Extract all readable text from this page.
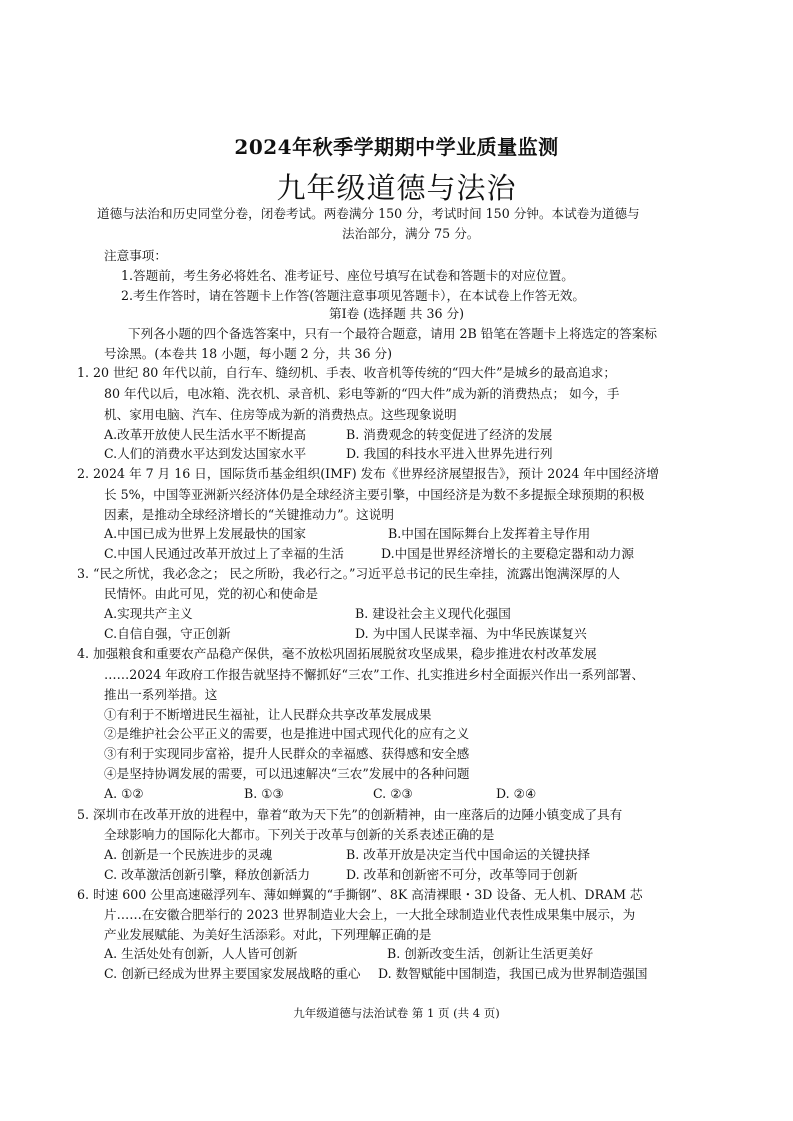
2024年秋季学期期中学业质量监测
九年级道德与法治
道德与法治和历史同堂分卷，闭卷考试。两卷满分 150 分，考试时间 150 分钟。本试卷为道德与
法治部分，满分 75 分。
注意事项：
1.答题前，考生务必将姓名、准考证号、座位号填写在试卷和答题卡的对应位置。
2.考生作答时，请在答题卡上作答(答题注意事项见答题卡），在本试卷上作答无效。
第Ⅰ卷 (选择题 共 36 分)
下列各小题的四个备选答案中，只有一个最符合题意，请用 2B 铅笔在答题卡上将选定的答案标
号涂黑。(本卷共 18 小题，每小题 2 分，共 36 分)
1. 20 世纪 80 年代以前，自行车、缝纫机、手表、收音机等传统的“四大件”是城乡的最高追求；
80 年代以后，电冰箱、洗衣机、录音机、彩电等新的“四大件”成为新的消费热点； 如今，手
机、家用电脑、汽车、住房等成为新的消费热点。这些现象说明
A.改革开放使人民生活水平不断提高	B. 消费观念的转变促进了经济的发展
C.人们的消费水平达到发达国家水平	D. 我国的科技水平进入世界先进行列
2. 2024 年 7 月 16 日，国际货币基金组织(IMF) 发布《世界经济展望报告》，预计 2024 年中国经济增
长 5%，中国等亚洲新兴经济体仍是全球经济主要引擎，中国经济是为数不多提振全球预期的积极
因素，是推动全球经济增长的“关键推动力”。这说明
A.中国已成为世界上发展最快的国家	B.中国在国际舞台上发挥着主导作用
C.中国人民通过改革开放过上了幸福的生活	D.中国是世界经济增长的主要稳定器和动力源
3. “民之所忧，我必念之； 民之所盼，我必行之。”习近平总书记的民生牵挂，流露出饱满深厚的人
民情怀。由此可见，党的初心和使命是
A.实现共产主义	B. 建设社会主义现代化强国
C.自信自强，守正创新	D. 为中国人民谋幸福、为中华民族谋复兴
4. 加强粮食和重要农产品稳产保供，毫不放松巩固拓展脱贫攻坚成果，稳步推进农村改革发展
……2024 年政府工作报告就坚持不懈抓好“三农”工作、扎实推进乡村全面振兴作出一系列部署、
推出一系列举措。这
①有利于不断增进民生福祉，让人民群众共享改革发展成果
②是维护社会公平正义的需要，也是推进中国式现代化的应有之义
③有利于实现同步富裕，提升人民群众的幸福感、获得感和安全感
④是坚持协调发展的需要，可以迅速解决“三农”发展中的各种问题
A. ①②	B. ①③	C. ②③	D. ②④
5. 深圳市在改革开放的进程中，靠着“敢为天下先”的创新精神，由一座落后的边陲小镇变成了具有
全球影响力的国际化大都市。下列关于改革与创新的关系表述正确的是
A. 创新是一个民族进步的灵魂	B. 改革开放是决定当代中国命运的关键抉择
C. 改革激活创新引擎，释放创新活力	D. 改革和创新密不可分，改革等同于创新
6. 时速 600 公里高速磁浮列车、薄如蝉翼的“手撕钢”、8K 高清裸眼・3D 设备、无人机、DRAM 芯
片……在安徽合肥举行的 2023 世界制造业大会上，一大批全球制造业代表性成果集中展示，为
产业发展赋能、为美好生活添彩。对此，下列理解正确的是
A. 生活处处有创新，人人皆可创新	B. 创新改变生活，创新让生活更美好
C. 创新已经成为世界主要国家发展战略的重心 D. 数智赋能中国制造，我国已成为世界制造强国
九年级道德与法治试卷 第 1 页 (共 4 页)
